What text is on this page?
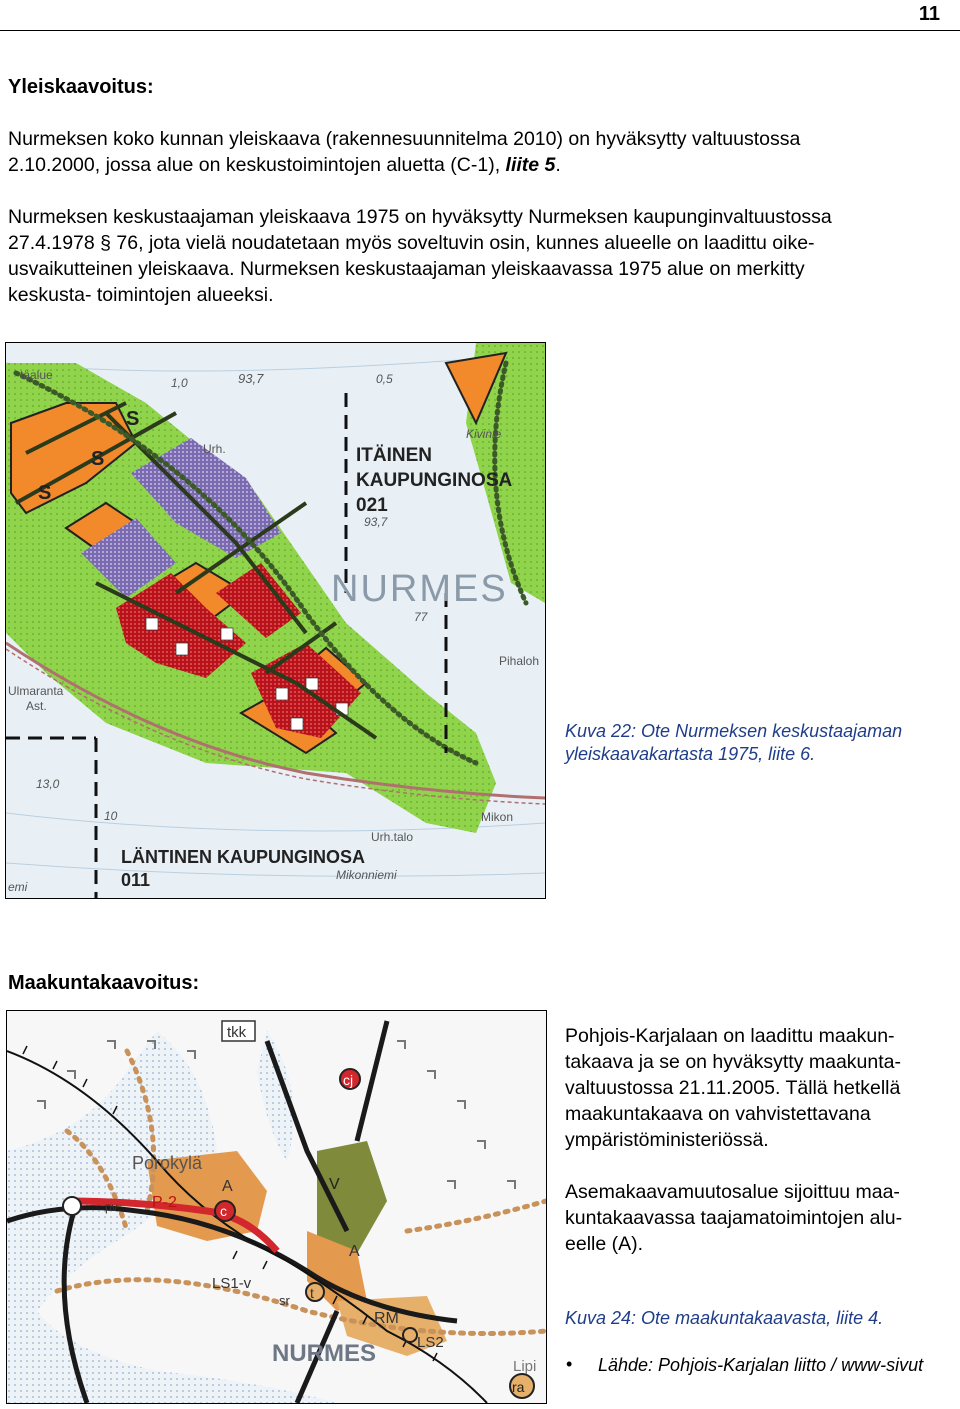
11
Yleiskaavoitus:

Nurmeksen koko kunnan yleiskaava (rakennesuunnitelma 2010) on hyväksytty valtuustossa
2.10.2000, jossa alue on keskustoimintojen aluetta (C-1), liite 5.

Nurmeksen keskustaajaman yleiskaava 1975 on hyväksytty Nurmeksen kaupunginvaltuustossa
27.4.1978 § 76, jota vielä noudatetaan myös soveltuvin osin, kunnes alueelle on laadittu oike-
usvaikutteinen yleiskaava. Nurmeksen keskustaajaman yleiskaavassa 1975 alue on merkitty
keskusta- toimintojen alueeksi.

täalue
1,0	93,7	0,5
Kivinie
S
S
S
Urh.	ITÄINEN
KAUPUNGINOSA
021
93,7
NURMES
77
Pihaloh
Ulmaranta
Ast.
13,0
Mikon
10
Urh.talo
LÄNTINEN KAUPUNGINOSA
Mikonniemi
011
emi
Kuva 22: Ote Nurmeksen keskustaajaman
yleiskaavakartasta 1975, liite 6.
Maakuntakaavoitus:
tkk
cj
Porokylä
A	V
P-2	c
pv
A
LS1-v
sr t
RM
LS2
NURMES	Lipi
ra

Pohjois-Karjalaan on laadittu maakun-
takaava ja se on hyväksytty maakunta-
valtuustossa 21.11.2005. Tällä hetkellä
maakuntakaava on vahvistettavana
ympäristöministeriössä.

Asemakaavamuutosalue sijoittuu maa-
kuntakaavassa taajamatoimintojen alu-
eelle (A).

Kuva 24: Ote maakuntakaavasta, liite 4.
• Lähde: Pohjois-Karjalan liitto / www-sivut
